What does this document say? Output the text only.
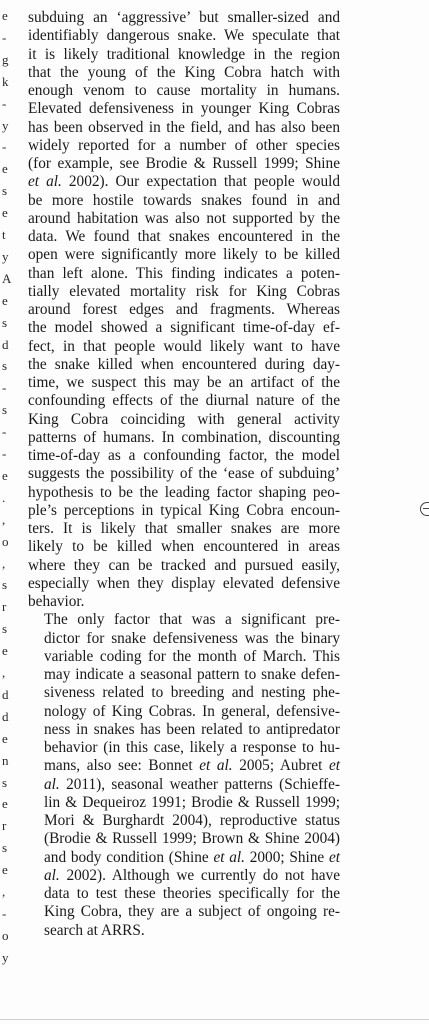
e
-
g
k
-
y
-
e
s
e
t
y
A
e
s
d
s
-
s
-
-
e
.
,
o
,
s
r
s
e
,
d
d
e
n
s
e
r
s
e
,
-
o
y

subduing an ‘aggressive’ but smaller-sized and
identifiably dangerous snake. We speculate that
it is likely traditional knowledge in the region
that the young of the King Cobra hatch with
enough venom to cause mortality in humans.
Elevated defensiveness in younger King Cobras
has been observed in the field, and has also been
widely reported for a number of other species
(for example, see Brodie & Russell 1999; Shine
et al. 2002). Our expectation that people would
be more hostile towards snakes found in and
around habitation was also not supported by the
data. We found that snakes encountered in the
open were significantly more likely to be killed
than left alone. This finding indicates a poten-
tially elevated mortality risk for King Cobras
around forest edges and fragments. Whereas
the model showed a significant time-of-day ef-
fect, in that people would likely want to have
the snake killed when encountered during day-
time, we suspect this may be an artifact of the
confounding effects of the diurnal nature of the
King Cobra coinciding with general activity
patterns of humans. In combination, discounting
time-of-day as a confounding factor, the model
suggests the possibility of the ‘ease of subduing’
hypothesis to be the leading factor shaping peo-
ple’s perceptions in typical King Cobra encoun-
ters. It is likely that smaller snakes are more
likely to be killed when encountered in areas
where they can be tracked and pursued easily,
especially when they display elevated defensive
behavior.

The only factor that was a significant pre-
dictor for snake defensiveness was the binary
variable coding for the month of March. This
may indicate a seasonal pattern to snake defen-
siveness related to breeding and nesting phe-
nology of King Cobras. In general, defensive-
ness in snakes has been related to antipredator
behavior (in this case, likely a response to hu-
mans, also see: Bonnet et al. 2005; Aubret et
al. 2011), seasonal weather patterns (Schieffe-
lin & Dequeiroz 1991; Brodie & Russell 1999;
Mori & Burghardt 2004), reproductive status
(Brodie & Russell 1999; Brown & Shine 2004)
and body condition (Shine et al. 2000; Shine et
al. 2002). Although we currently do not have
data to test these theories specifically for the
King Cobra, they are a subject of ongoing re-
search at ARRS.
